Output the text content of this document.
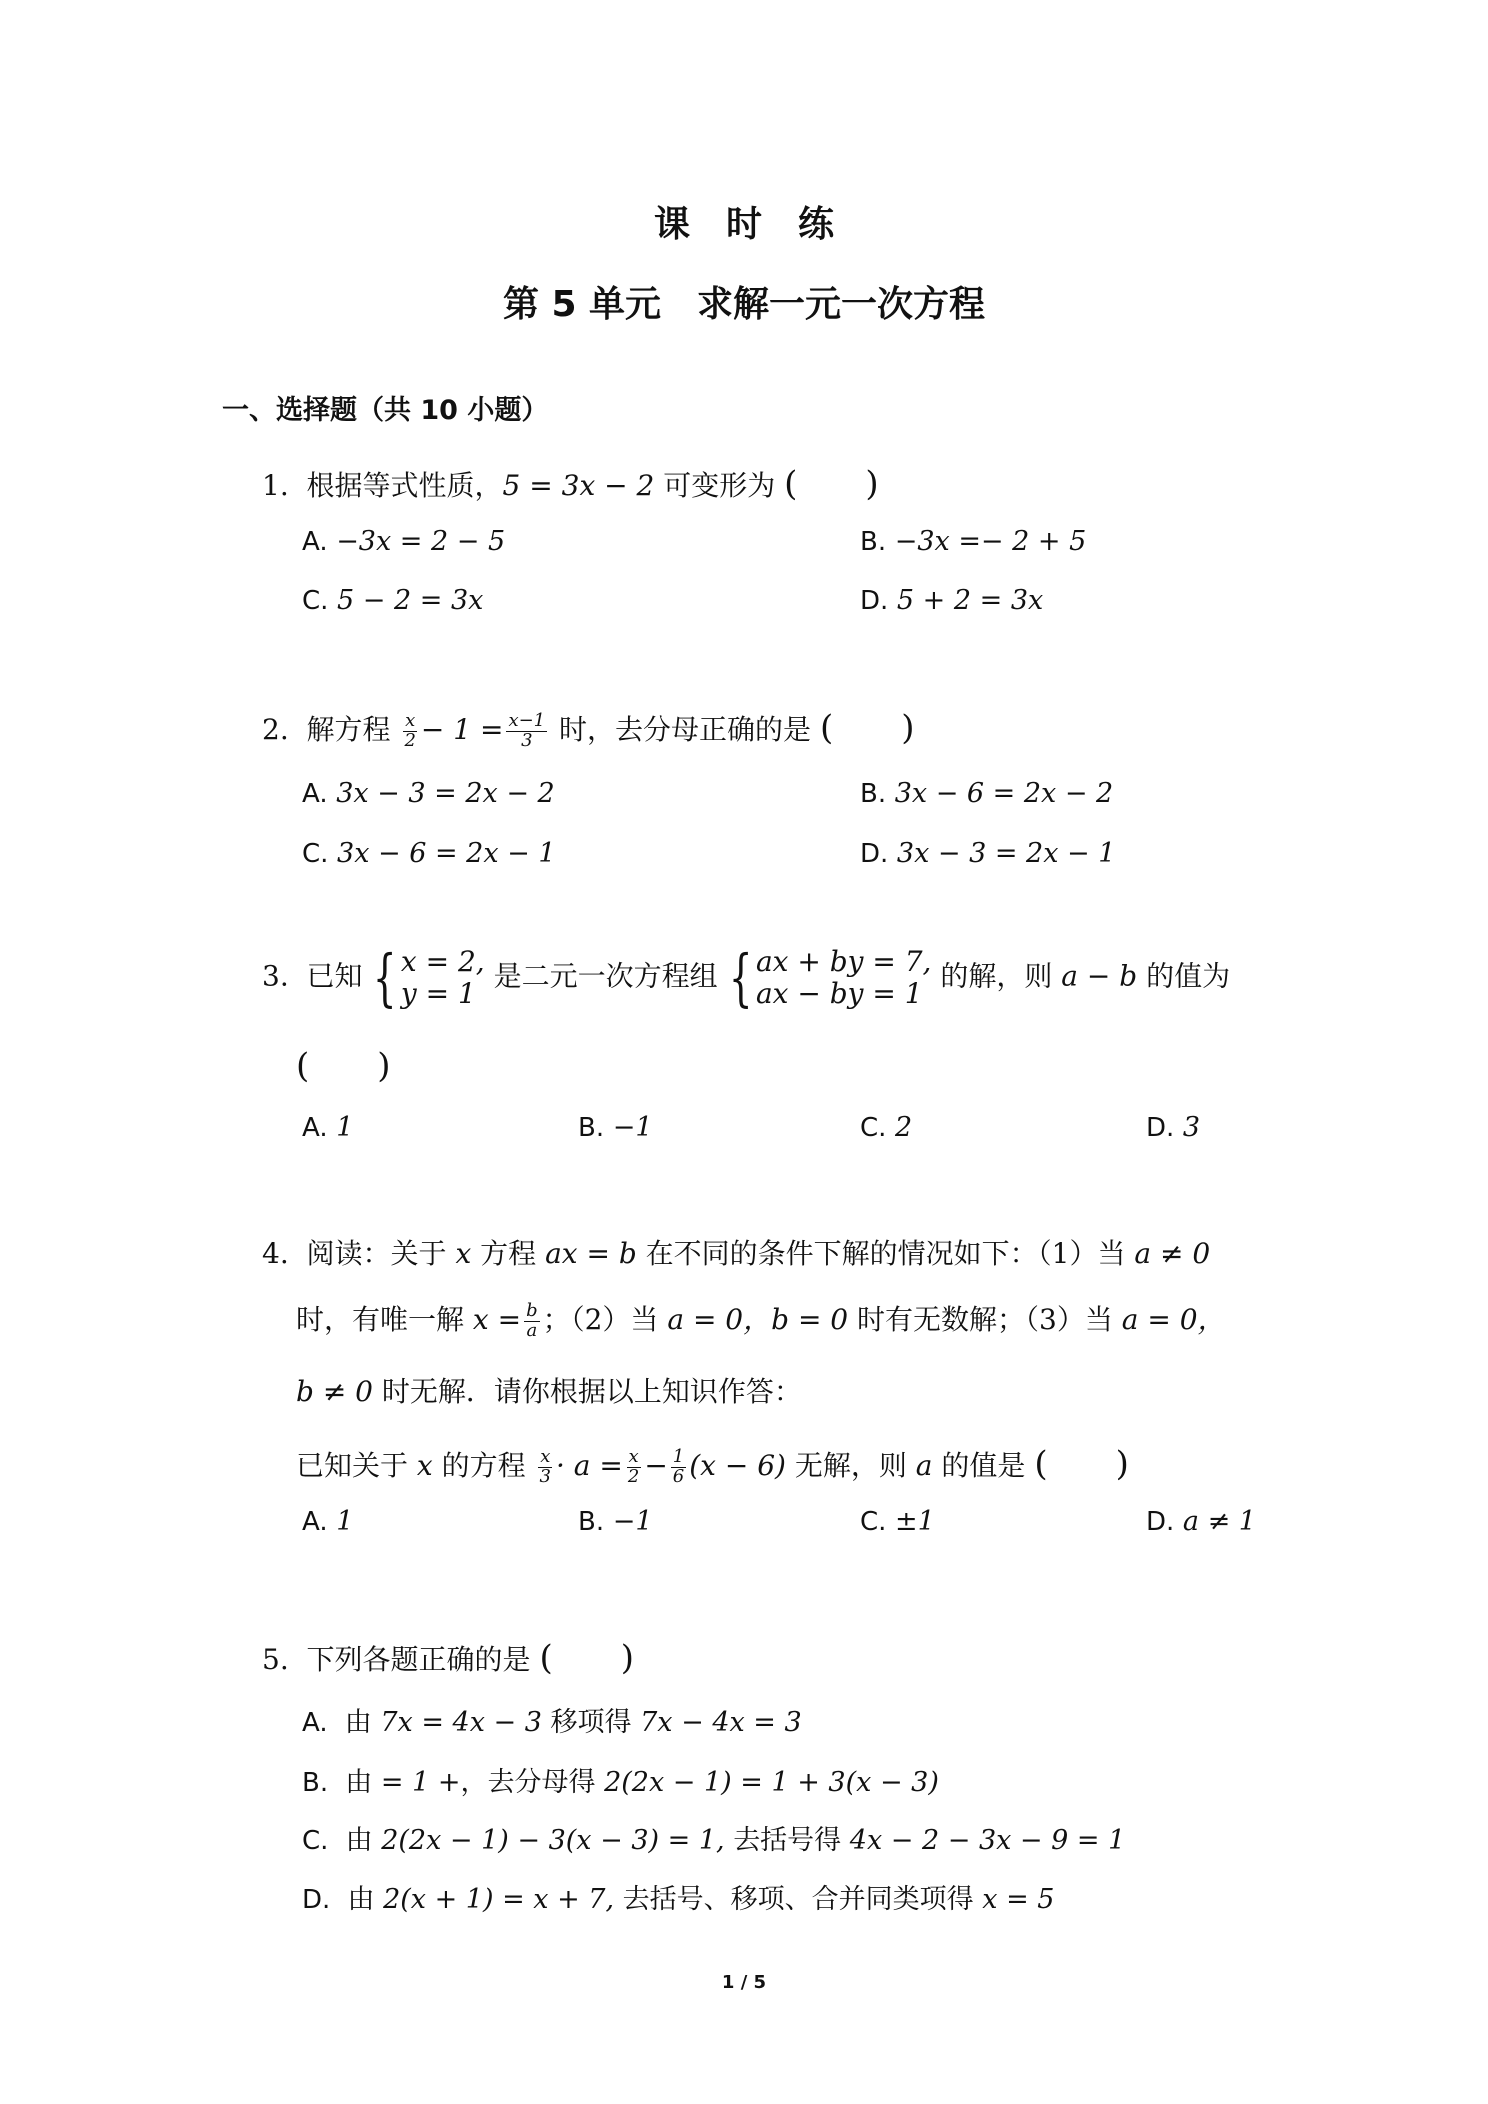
课　时　练
第 5 单元　求解一元一次方程
一、选择题（共 10 小题）
1. 根据等式性质，5 = 3x − 2 可变形为 (　　)
A. −3x = 2 − 5	B. −3x =− 2 + 5
C. 5 − 2 = 3x	D. 5 + 2 = 3x
2. 解方程 $\frac{x}{2} - 1 = \frac{x-1}{3}$ 时，去分母正确的是 (　　)
A. 3x − 3 = 2x − 2	B. 3x − 6 = 2x − 2
C. 3x − 6 = 2x − 1	D. 3x − 3 = 2x − 1
3. 已知 { x = 2,
y = 1
是二元一次方程组 { ax + by = 7,
ax − by = 1
的解，则 a − b 的值为
(　　)
A. 1	B. −1	C. 2	D. 3
4. 阅读：关于 x 方程 ax = b 在不同的条件下解的情况如下：（1）当 a ≠ 0
时，有唯一解 $x = \frac{b}{a}$ ；（2）当 a = 0，b = 0 时有无数解；（3）当 a = 0，
b ≠ 0 时无解．请你根据以上知识作答：
已知关于 x 的方程 $\frac{x}{3} \cdot a = \frac{x}{2} - \frac{1}{6} (x - 6)$ 无解，则 a 的值是 (　　)
A. 1	B. −1	C. ±1	D. a ≠ 1
5. 下列各题正确的是 (　　)
A. 由 7x = 4x − 3 移项得 7x − 4x = 3
B. 由 = 1 +，去分母得 2(2x − 1) = 1 + 3(x − 3)
C. 由 2(2x − 1) − 3(x − 3) = 1, 去括号得 4x − 2 − 3x − 9 = 1
D. 由 2(x + 1) = x + 7, 去括号、移项、合并同类项得 x = 5
1 / 5
